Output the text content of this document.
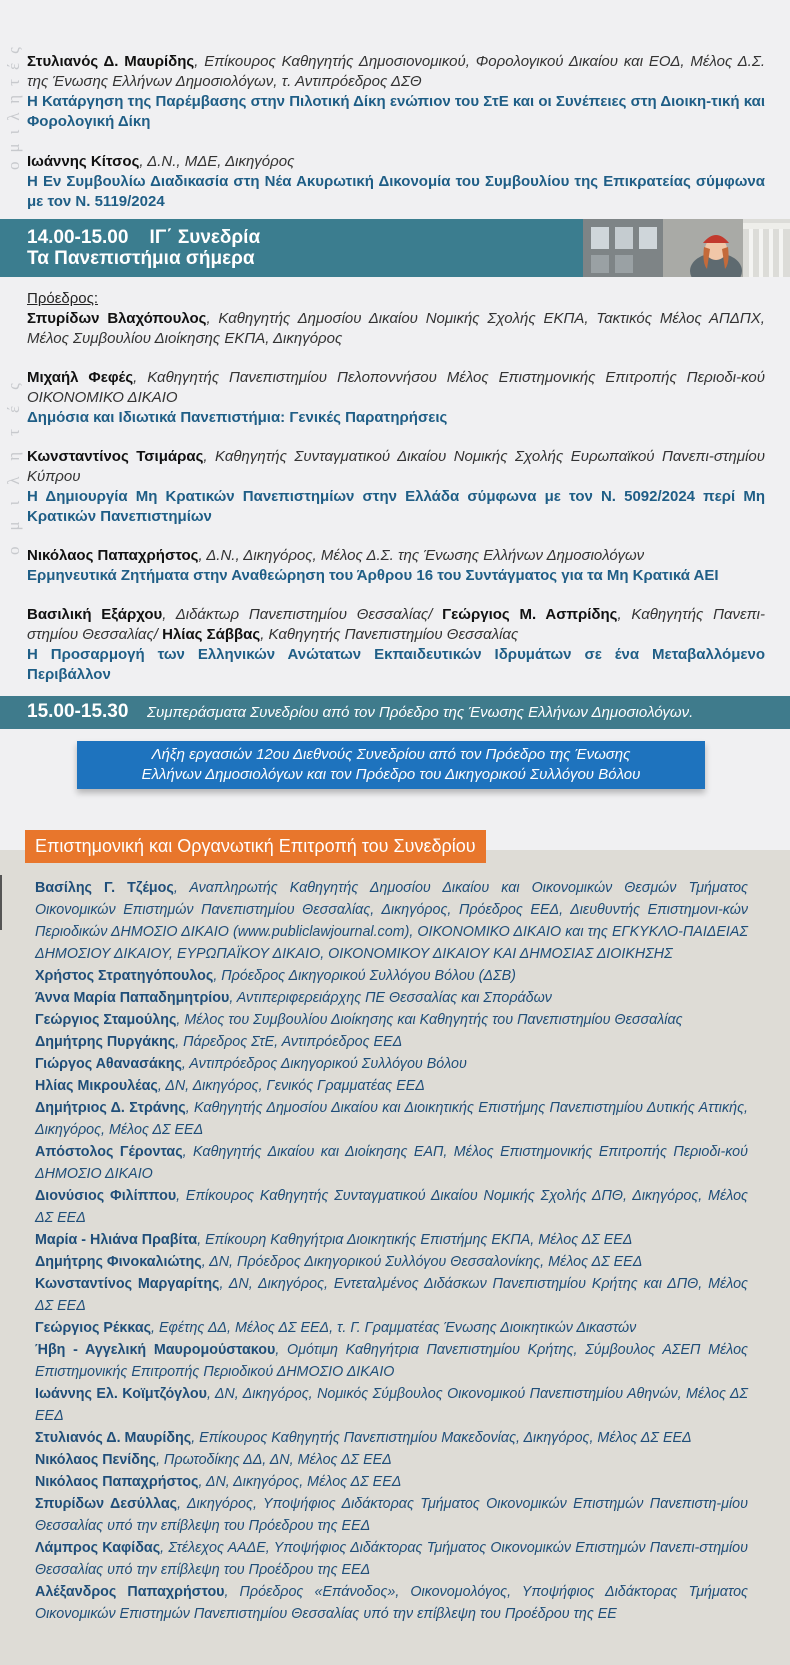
ομιλητές
ομιλητές
Στυλιανός Δ. Μαυρίδης, Επίκουρος Καθηγητής Δημοσιονομικού, Φορολογικού Δικαίου και ΕΟΔ, Μέλος Δ.Σ. της Ένωσης Ελλήνων Δημοσιολόγων, τ. Αντιπρόεδρος ΔΣΘ
Η Κατάργηση της Παρέμβασης στην Πιλοτική Δίκη ενώπιον του ΣτΕ και οι Συνέπειες στη Διοικη-τική και Φορολογική Δίκη
Ιωάννης Κίτσος, Δ.Ν., ΜΔΕ, Δικηγόρος
Η Εν Συμβουλίω Διαδικασία στη Νέα Ακυρωτική Δικονομία του Συμβουλίου της Επικρατείας σύμφωνα με τον Ν. 5119/2024
14.00-15.00 ΙΓ΄ Συνεδρία
Τα Πανεπιστήμια σήμερα
Πρόεδρος:
Σπυρίδων Βλαχόπουλος, Καθηγητής Δημοσίου Δικαίου Νομικής Σχολής ΕΚΠΑ, Τακτικός Μέλος ΑΠΔΠΧ, Μέλος Συμβουλίου Διοίκησης ΕΚΠΑ, Δικηγόρος
Μιχαήλ Φεφές, Καθηγητής Πανεπιστημίου Πελοποννήσου Μέλος Επιστημονικής Επιτροπής Περιοδι-κού ΟΙΚΟΝΟΜΙΚΟ ΔΙΚΑΙΟ
Δημόσια και Ιδιωτικά Πανεπιστήμια: Γενικές Παρατηρήσεις
Κωνσταντίνος Τσιμάρας, Καθηγητής Συνταγματικού Δικαίου Νομικής Σχολής Ευρωπαϊκού Πανεπι-στημίου Κύπρου
Η Δημιουργία Μη Κρατικών Πανεπιστημίων στην Ελλάδα σύμφωνα με τον Ν. 5092/2024 περί Μη Κρατικών Πανεπιστημίων
Νικόλαος Παπαχρήστος, Δ.Ν., Δικηγόρος, Μέλος Δ.Σ. της Ένωσης Ελλήνων Δημοσιολόγων
Ερμηνευτικά Ζητήματα στην Αναθεώρηση του Άρθρου 16 του Συντάγματος για τα Μη Κρατικά ΑΕΙ
Βασιλική Εξάρχου, Διδάκτωρ Πανεπιστημίου Θεσσαλίας/ Γεώργιος Μ. Ασπρίδης, Καθηγητής Πανεπι-στημίου Θεσσαλίας/ Ηλίας Σάββας, Καθηγητής Πανεπιστημίου Θεσσαλίας
Η Προσαρμογή των Ελληνικών Ανώτατων Εκπαιδευτικών Ιδρυμάτων σε ένα Μεταβαλλόμενο Περιβάλλον
15.00-15.30 Συμπεράσματα Συνεδρίου από τον Πρόεδρο της Ένωσης Ελλήνων Δημοσιολόγων.
Λήξη εργασιών 12ου Διεθνούς Συνεδρίου από τον Πρόεδρο της Ένωσης Ελλήνων Δημοσιολόγων και τον Πρόεδρο του Δικηγορικού Συλλόγου Βόλου
Επιστημονική και Οργανωτική Επιτροπή του Συνεδρίου
Βασίλης Γ. Τζέμος, Αναπληρωτής Καθηγητής Δημοσίου Δικαίου και Οικονομικών Θεσμών Τμήματος Οικονομικών Επιστημών Πανεπιστημίου Θεσσαλίας, Δικηγόρος, Πρόεδρος ΕΕΔ, Διευθυντής Επιστημονι-κών Περιοδικών ΔΗΜΟΣΙΟ ΔΙΚΑΙΟ (www.publiclawjournal.com), ΟΙΚΟΝΟΜΙΚΟ ΔΙΚΑΙΟ και της ΕΓΚΥΚΛΟ-ΠΑΙΔΕΙΑΣ ΔΗΜΟΣΙΟΥ ΔΙΚΑΙΟΥ, ΕΥΡΩΠΑΪΚΟΥ ΔΙΚΑΙΟ, ΟΙΚΟΝΟΜΙΚΟΥ ΔΙΚΑΙΟΥ ΚΑΙ ΔΗΜΟΣΙΑΣ ΔΙΟΙΚΗΣΗΣ
Χρήστος Στρατηγόπουλος, Πρόεδρος Δικηγορικού Συλλόγου Βόλου (ΔΣΒ)
Άννα Μαρία Παπαδημητρίου, Αντιπεριφερειάρχης ΠΕ Θεσσαλίας και Σποράδων
Γεώργιος Σταμούλης, Μέλος του Συμβουλίου Διοίκησης και Καθηγητής του Πανεπιστημίου Θεσσαλίας
Δημήτρης Πυργάκης, Πάρεδρος ΣτΕ, Αντιπρόεδρος ΕΕΔ
Γιώργος Αθανασάκης, Αντιπρόεδρος Δικηγορικού Συλλόγου Βόλου
Ηλίας Μικρουλέας, ΔΝ, Δικηγόρος, Γενικός Γραμματέας ΕΕΔ
Δημήτριος Δ. Στράνης, Καθηγητής Δημοσίου Δικαίου και Διοικητικής Επιστήμης Πανεπιστημίου Δυτικής Αττικής, Δικηγόρος, Μέλος ΔΣ ΕΕΔ
Απόστολος Γέροντας, Καθηγητής Δικαίου και Διοίκησης ΕΑΠ, Μέλος Επιστημονικής Επιτροπής Περιοδι-κού ΔΗΜΟΣΙΟ ΔΙΚΑΙΟ
Διονύσιος Φιλίππου, Επίκουρος Καθηγητής Συνταγματικού Δικαίου Νομικής Σχολής ΔΠΘ, Δικηγόρος, Μέλος ΔΣ ΕΕΔ
Μαρία - Ηλιάνα Πραβίτα, Επίκουρη Καθηγήτρια Διοικητικής Επιστήμης ΕΚΠΑ, Μέλος ΔΣ ΕΕΔ
Δημήτρης Φινοκαλιώτης, ΔΝ, Πρόεδρος Δικηγορικού Συλλόγου Θεσσαλονίκης, Μέλος ΔΣ ΕΕΔ
Κωνσταντίνος Μαργαρίτης, ΔΝ, Δικηγόρος, Εντεταλμένος Διδάσκων Πανεπιστημίου Κρήτης και ΔΠΘ, Μέλος ΔΣ ΕΕΔ
Γεώργιος Ρέκκας, Εφέτης ΔΔ, Μέλος ΔΣ ΕΕΔ, τ. Γ. Γραμματέας Ένωσης Διοικητικών Δικαστών
Ήβη - Αγγελική Μαυρομούστακου, Ομότιμη Καθηγήτρια Πανεπιστημίου Κρήτης, Σύμβουλος ΑΣΕΠ Μέλος Επιστημονικής Επιτροπής Περιοδικού ΔΗΜΟΣΙΟ ΔΙΚΑΙΟ
Ιωάννης Ελ. Κοϊμτζόγλου, ΔΝ, Δικηγόρος, Νομικός Σύμβουλος Οικονομικού Πανεπιστημίου Αθηνών, Μέλος ΔΣ ΕΕΔ
Στυλιανός Δ. Μαυρίδης, Επίκουρος Καθηγητής Πανεπιστημίου Μακεδονίας, Δικηγόρος, Μέλος ΔΣ ΕΕΔ
Νικόλαος Πενίδης, Πρωτοδίκης ΔΔ, ΔΝ, Μέλος ΔΣ ΕΕΔ
Νικόλαος Παπαχρήστος, ΔΝ, Δικηγόρος, Μέλος ΔΣ ΕΕΔ
Σπυρίδων Δεσύλλας, Δικηγόρος, Υποψήφιος Διδάκτορας Τμήματος Οικονομικών Επιστημών Πανεπιστη-μίου Θεσσαλίας υπό την επίβλεψη του Πρόεδρου της ΕΕΔ
Λάμπρος Καφίδας, Στέλεχος ΑΑΔΕ, Υποψήφιος Διδάκτορας Τμήματος Οικονομικών Επιστημών Πανεπι-στημίου Θεσσαλίας υπό την επίβλεψη του Προέδρου της ΕΕΔ
Αλέξανδρος Παπαχρήστου, Πρόεδρος «Επάνοδος», Οικονομολόγος, Υποψήφιος Διδάκτορας Τμήματος Οικονομικών Επιστημών Πανεπιστημίου Θεσσαλίας υπό την επίβλεψη του Προέδρου της ΕΕ
